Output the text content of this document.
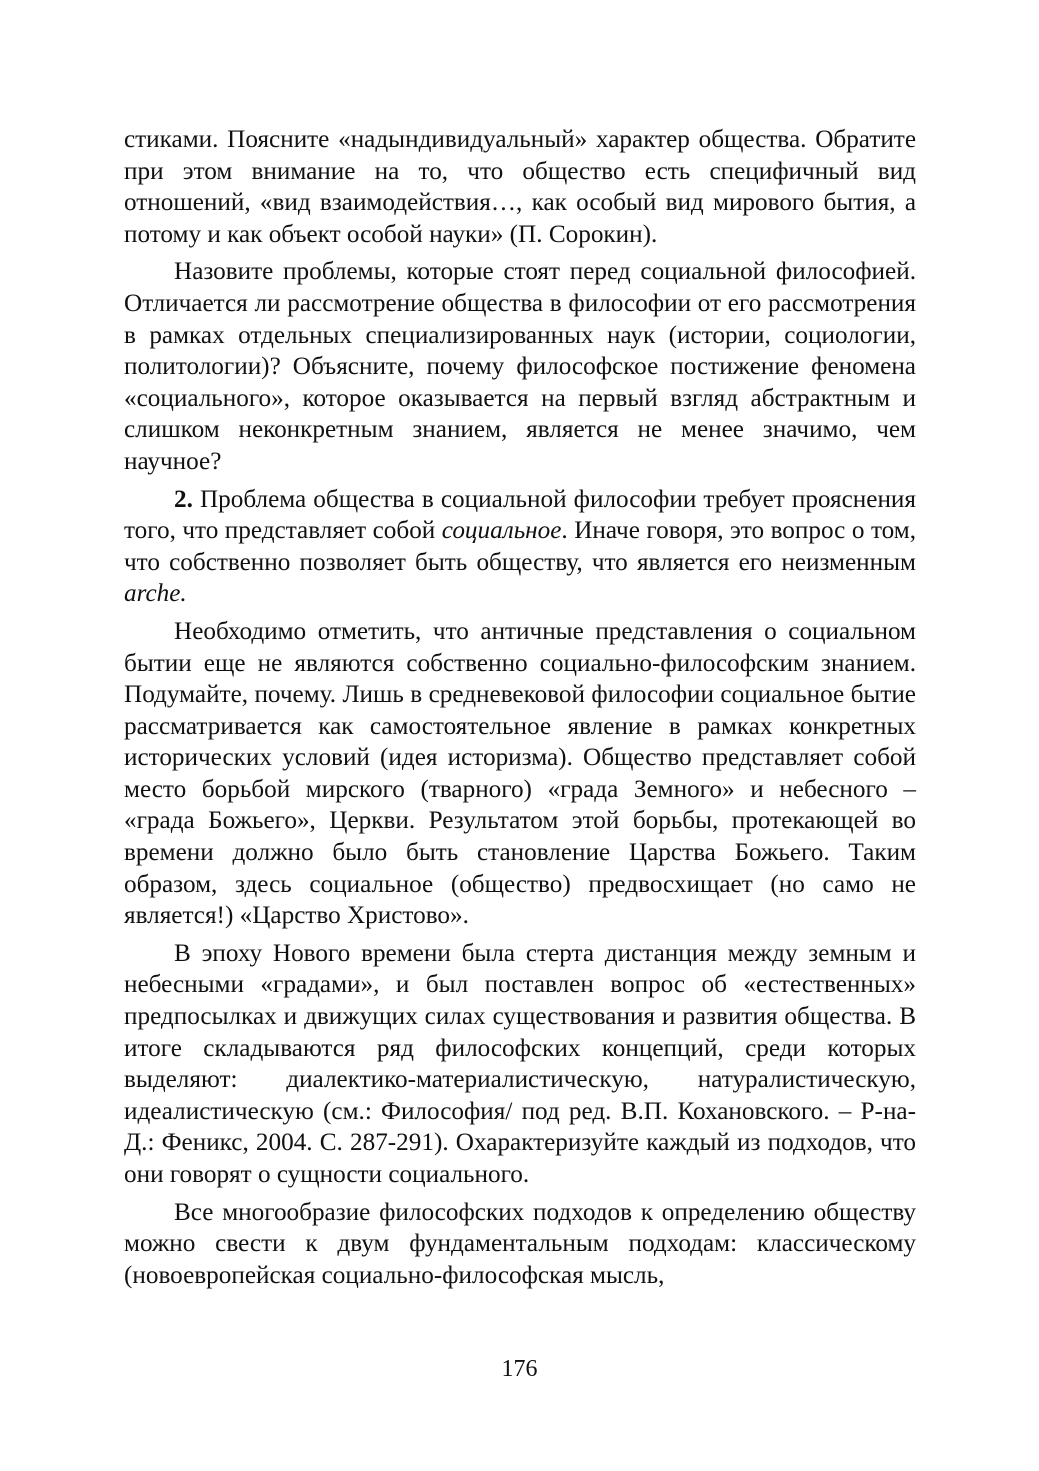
стиками. Поясните «надындивидуальный» характер общества. Обратите при этом внимание на то, что общество есть специфичный вид отношений, «вид взаимодействия…, как особый вид мирового бытия, а потому и как объект особой науки» (П. Сорокин).

Назовите проблемы, которые стоят перед социальной философией. Отличается ли рассмотрение общества в философии от его рассмотрения в рамках отдельных специализированных наук (истории, социологии, политологии)? Объясните, почему философское постижение феномена «социального», которое оказывается на первый взгляд абстрактным и слишком неконкретным знанием, является не менее значимо, чем научное?

2. Проблема общества в социальной философии требует прояснения того, что представляет собой социальное. Иначе говоря, это вопрос о том, что собственно позволяет быть обществу, что является его неизменным arche.

Необходимо отметить, что античные представления о социальном бытии еще не являются собственно социально-философским знанием. Подумайте, почему. Лишь в средневековой философии социальное бытие рассматривается как самостоятельное явление в рамках конкретных исторических условий (идея историзма). Общество представляет собой место борьбой мирского (тварного) «града Земного» и небесного – «града Божьего», Церкви. Результатом этой борьбы, протекающей во времени должно было быть становление Царства Божьего. Таким образом, здесь социальное (общество) предвосхищает (но само не является!) «Царство Христово».

В эпоху Нового времени была стерта дистанция между земным и небесными «градами», и был поставлен вопрос об «естественных» предпосылках и движущих силах существования и развития общества. В итоге складываются ряд философских концепций, среди которых выделяют: диалектико-материалистическую, натуралистическую, идеалистическую (см.: Философия/ под ред. В.П. Кохановского. – Р-на-Д.: Феникс, 2004. С. 287-291). Охарактеризуйте каждый из подходов, что они говорят о сущности социального.

Все многообразие философских подходов к определению обществу можно свести к двум фундаментальным подходам: классическому (новоевропейская социально-философская мысль,

176
